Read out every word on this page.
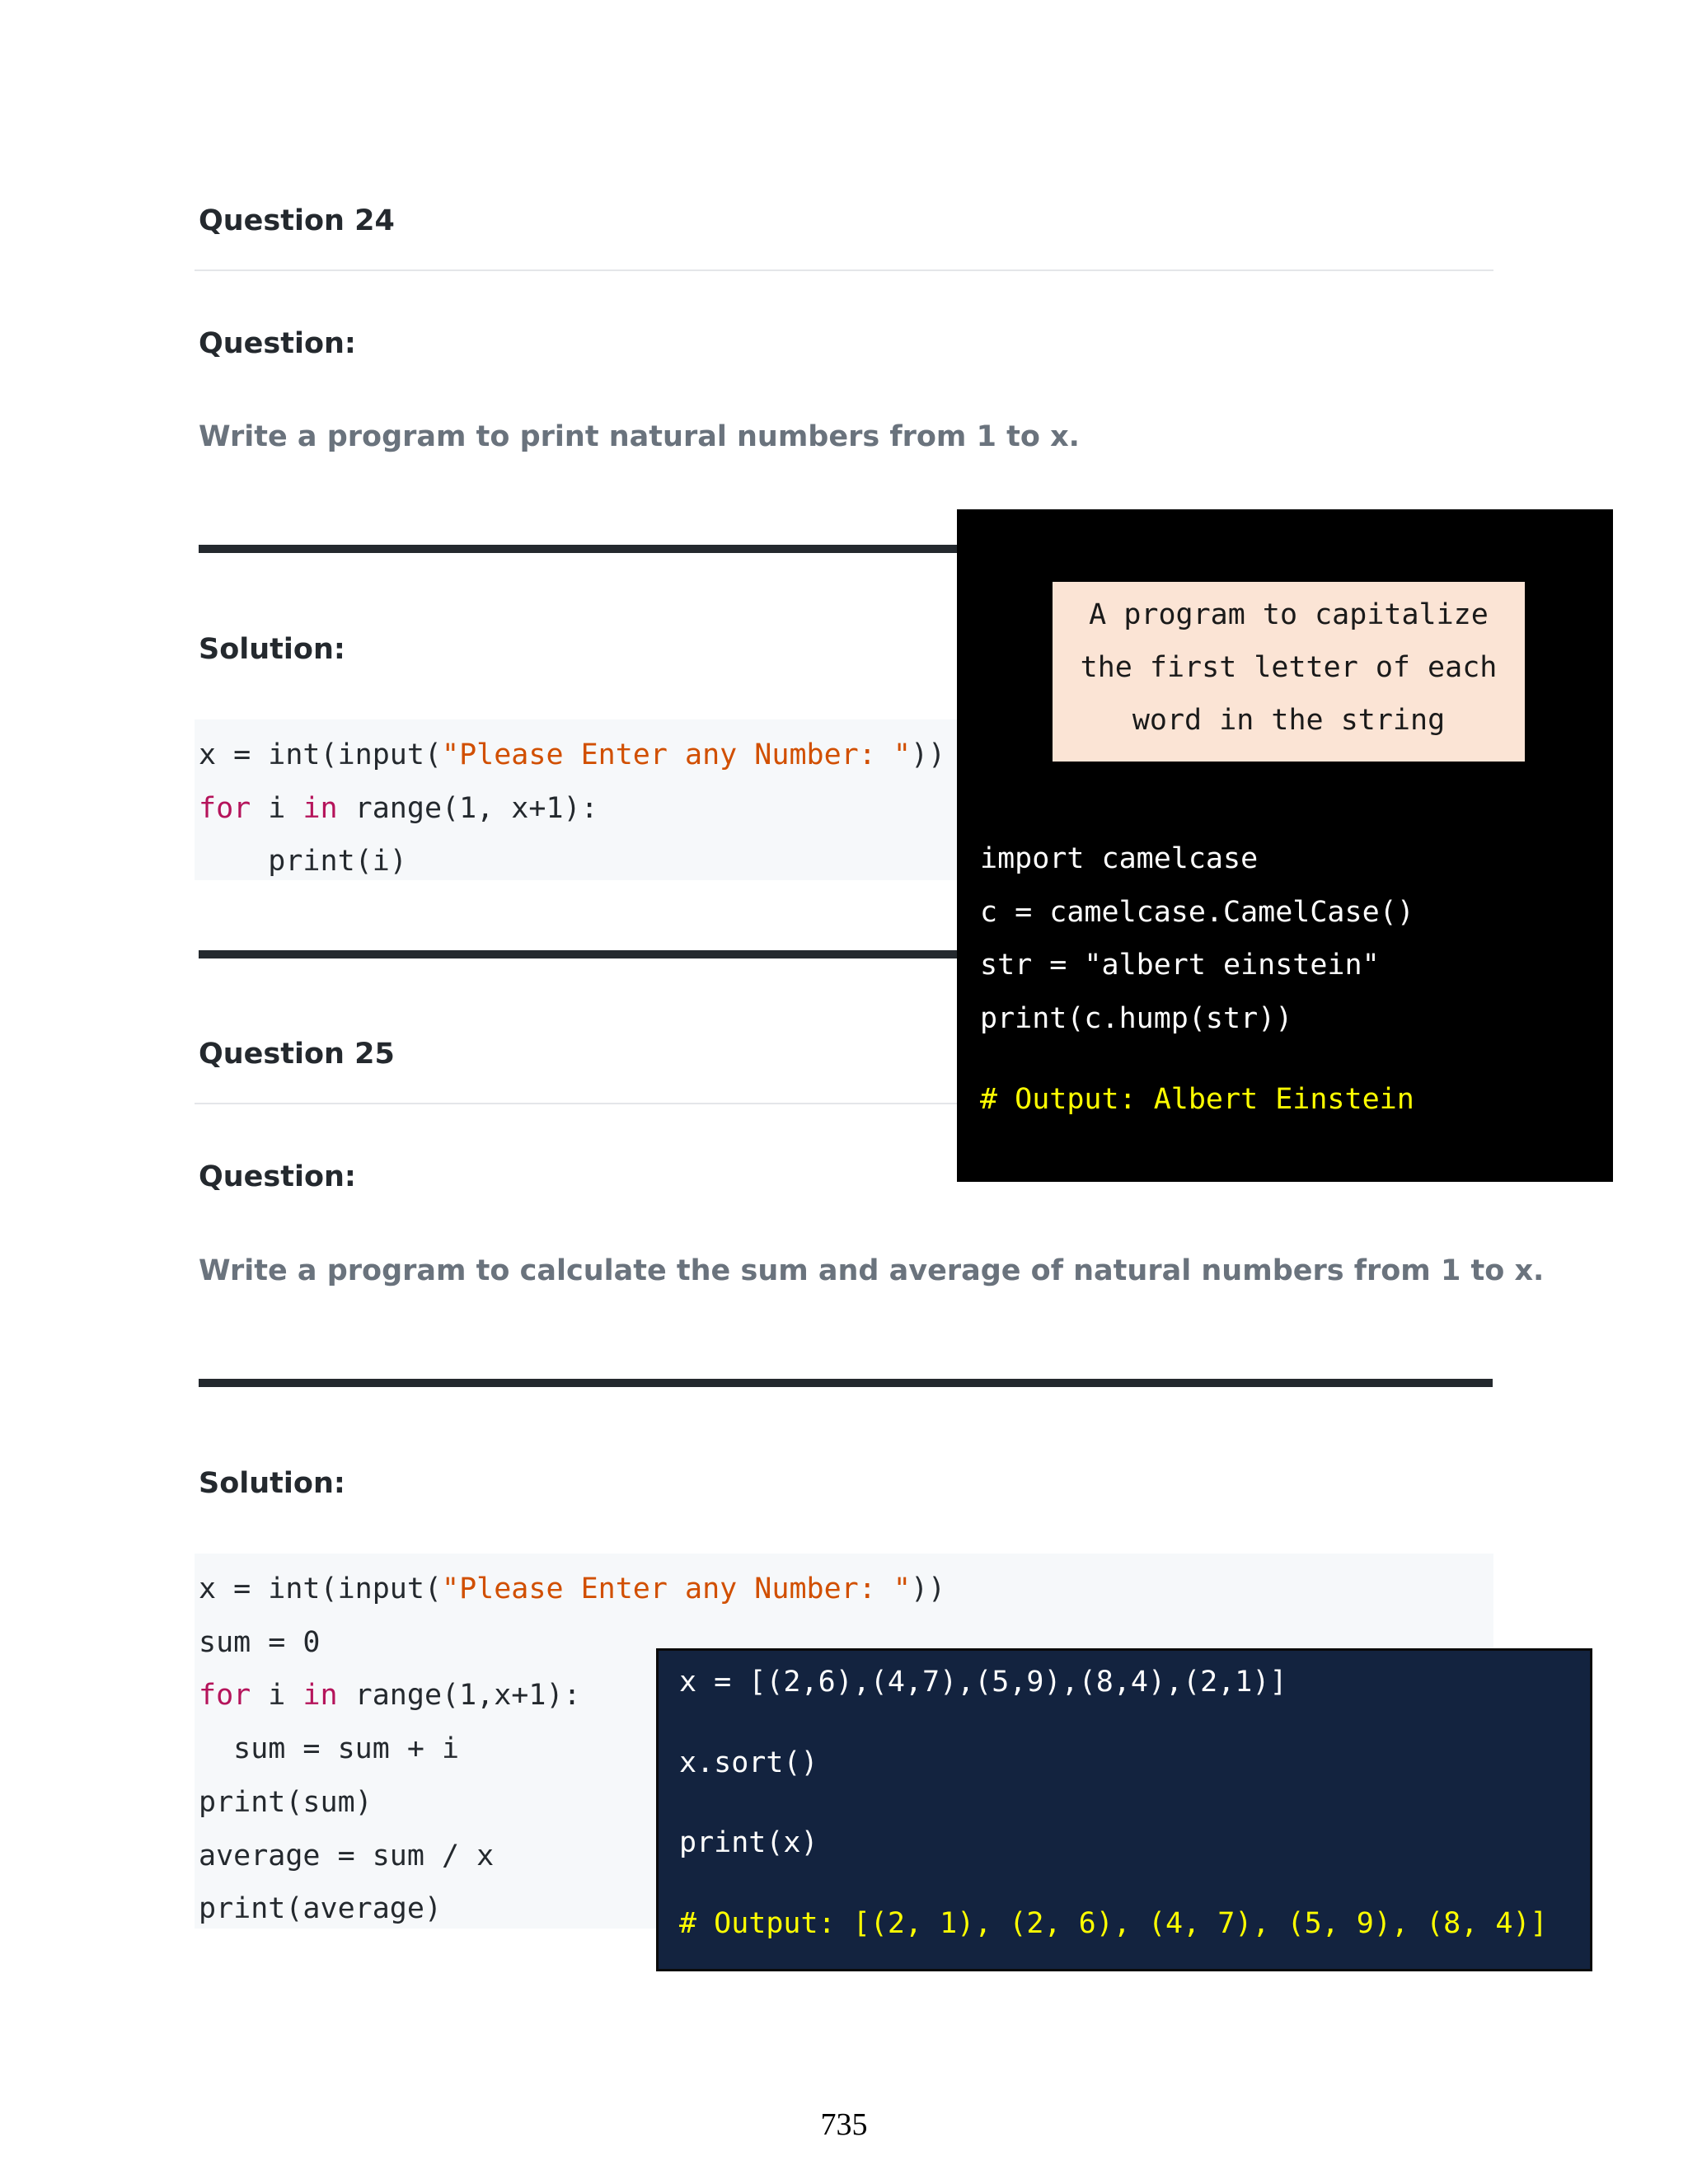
Question 24
Question:
Write a program to print natural numbers from 1 to x.
Solution:
x = int(input("Please Enter any Number: "))
for i in range(1, x+1):
print(i)
Question 25
Question:
Write a program to calculate the sum and average of natural numbers from 1 to x.
Solution:
x = int(input("Please Enter any Number: "))
sum = 0
for i in range(1,x+1):
sum = sum + i
print(sum)
average = sum / x
print(average)
A program to capitalize
the first letter of each
word in the string
import camelcase
c = camelcase.CamelCase()
str = "albert einstein"
print(c.hump(str))
# Output: Albert Einstein
x = [(2,6),(4,7),(5,9),(8,4),(2,1)]
x.sort()
print(x)
# Output: [(2, 1), (2, 6), (4, 7), (5, 9), (8, 4)]
735
